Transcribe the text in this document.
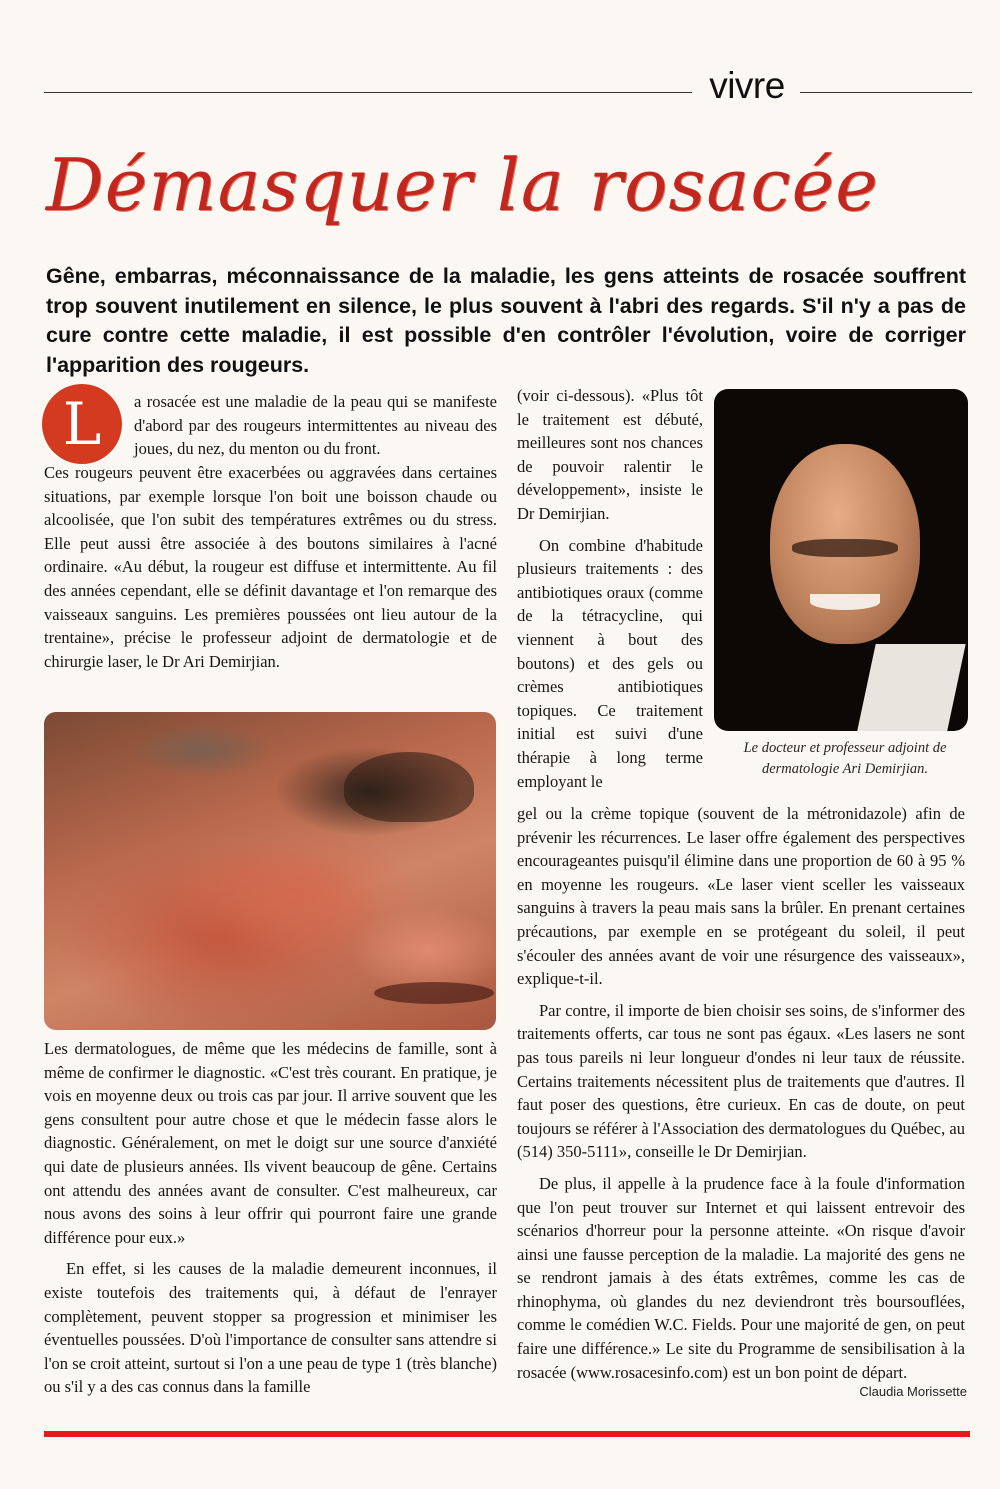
vivre
Démasquer la rosacée
Gêne, embarras, méconnaissance de la maladie, les gens atteints de rosacée souffrent trop souvent inutilement en silence, le plus souvent à l'abri des regards. S'il n'y a pas de cure contre cette maladie, il est possible d'en contrôler l'évolution, voire de corriger l'apparition des rougeurs.
L a rosacée est une maladie de la peau qui se manifeste d'abord par des rougeurs intermittentes au niveau des joues, du nez, du menton ou du front.

Ces rougeurs peuvent être exacerbées ou aggravées dans certaines situations, par exemple lorsque l'on boit une boisson chaude ou alcoolisée, que l'on subit des températures extrêmes ou du stress. Elle peut aussi être associée à des boutons similaires à l'acné ordinaire. «Au début, la rougeur est diffuse et intermittente. Au fil des années cependant, elle se définit davantage et l'on remarque des vaisseaux sanguins. Les premières poussées ont lieu autour de la trentaine», précise le professeur adjoint de dermatologie et de chirurgie laser, le Dr Ari Demirjian.

Les dermatologues, de même que les médecins de famille, sont à même de confirmer le diagnostic. «C'est très courant. En pratique, je vois en moyenne deux ou trois cas par jour. Il arrive souvent que les gens consultent pour autre chose et que le médecin fasse alors le diagnostic. Généralement, on met le doigt sur une source d'anxiété qui date de plusieurs années. Ils vivent beaucoup de gêne. Certains ont attendu des années avant de consulter. C'est malheureux, car nous avons des soins à leur offrir qui pourront faire une grande différence pour eux.»

En effet, si les causes de la maladie demeurent inconnues, il existe toutefois des traitements qui, à défaut de l'enrayer complètement, peuvent stopper sa progression et minimiser les éventuelles poussées. D'où l'importance de consulter sans attendre si l'on se croit atteint, surtout si l'on a une peau de type 1 (très blanche) ou s'il y a des cas connus dans la famille

(voir ci-dessous). «Plus tôt le traitement est débuté, meilleures sont nos chances de pouvoir ralentir le développement», insiste le Dr Demirjian.

On combine d'habitude plusieurs traitements : des antibiotiques oraux (comme de la tétracycline, qui viennent à bout des boutons) et des gels ou crèmes antibiotiques topiques. Ce traitement initial est suivi d'une thérapie à long terme employant le

Le docteur et professeur adjoint de dermatologie Ari Demirjian.

gel ou la crème topique (souvent de la métronidazole) afin de prévenir les récurrences. Le laser offre également des perspectives encourageantes puisqu'il élimine dans une proportion de 60 à 95 % en moyenne les rougeurs. «Le laser vient sceller les vaisseaux sanguins à travers la peau mais sans la brûler. En prenant certaines précautions, par exemple en se protégeant du soleil, il peut s'écouler des années avant de voir une résurgence des vaisseaux», explique-t-il.

Par contre, il importe de bien choisir ses soins, de s'informer des traitements offerts, car tous ne sont pas égaux. «Les lasers ne sont pas tous pareils ni leur longueur d'ondes ni leur taux de réussite. Certains traitements nécessitent plus de traitements que d'autres. Il faut poser des questions, être curieux. En cas de doute, on peut toujours se référer à l'Association des dermatologues du Québec, au (514) 350-5111», conseille le Dr Demirjian.

De plus, il appelle à la prudence face à la foule d'information que l'on peut trouver sur Internet et qui laissent entrevoir des scénarios d'horreur pour la personne atteinte. «On risque d'avoir ainsi une fausse perception de la maladie. La majorité des gens ne se rendront jamais à des états extrêmes, comme les cas de rhinophyma, où glandes du nez deviendront très boursouflées, comme le comédien W.C. Fields. Pour une majorité de gen, on peut faire une différence.» Le site du Programme de sensibilisation à la rosacée (www.rosacesinfo.com) est un bon point de départ.

Claudia Morissette
